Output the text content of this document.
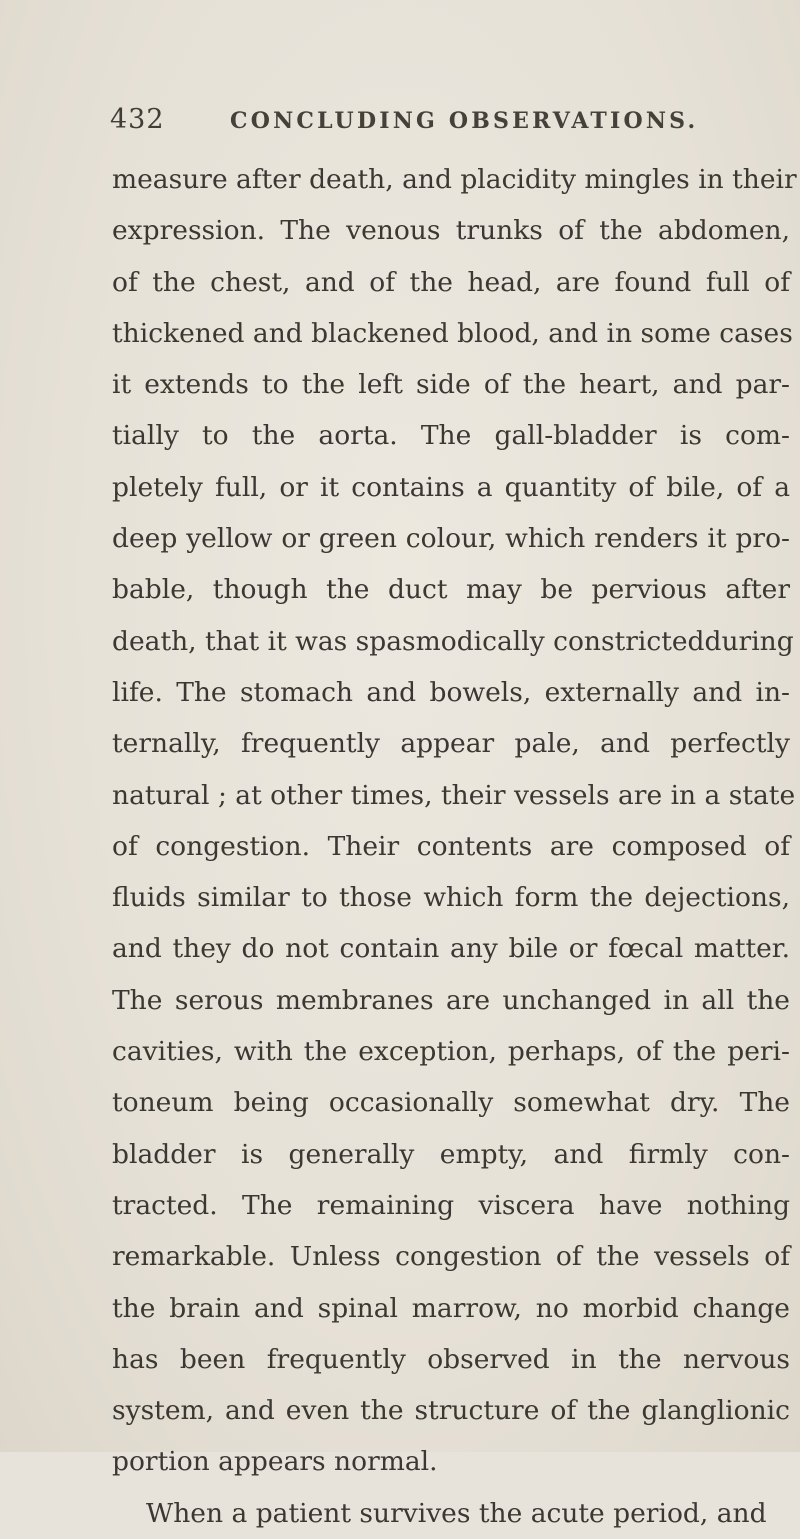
432	CONCLUDING OBSERVATIONS.
measure after death, and placidity mingles in their
expression. The venous trunks of the abdomen,
of the chest, and of the head, are found full of
thickened and blackened blood, and in some cases
it extends to the left side of the heart, and par-
tially to the aorta. The gall-bladder is com-
pletely full, or it contains a quantity of bile, of a
deep yellow or green colour, which renders it pro-
bable, though the duct may be pervious after
death, that it was spasmodically constrictedduring
life. The stomach and bowels, externally and in-
ternally, frequently appear pale, and perfectly
natural ; at other times, their vessels are in a state
of congestion. Their contents are composed of
fluids similar to those which form the dejections,
and they do not contain any bile or fœcal matter.
The serous membranes are unchanged in all the
cavities, with the exception, perhaps, of the peri-
toneum being occasionally somewhat dry. The
bladder is generally empty, and firmly con-
tracted. The remaining viscera have nothing
remarkable. Unless congestion of the vessels of
the brain and spinal marrow, no morbid change
has been frequently observed in the nervous
system, and even the structure of the glanglionic
portion appears normal.
When a patient survives the acute period, and
